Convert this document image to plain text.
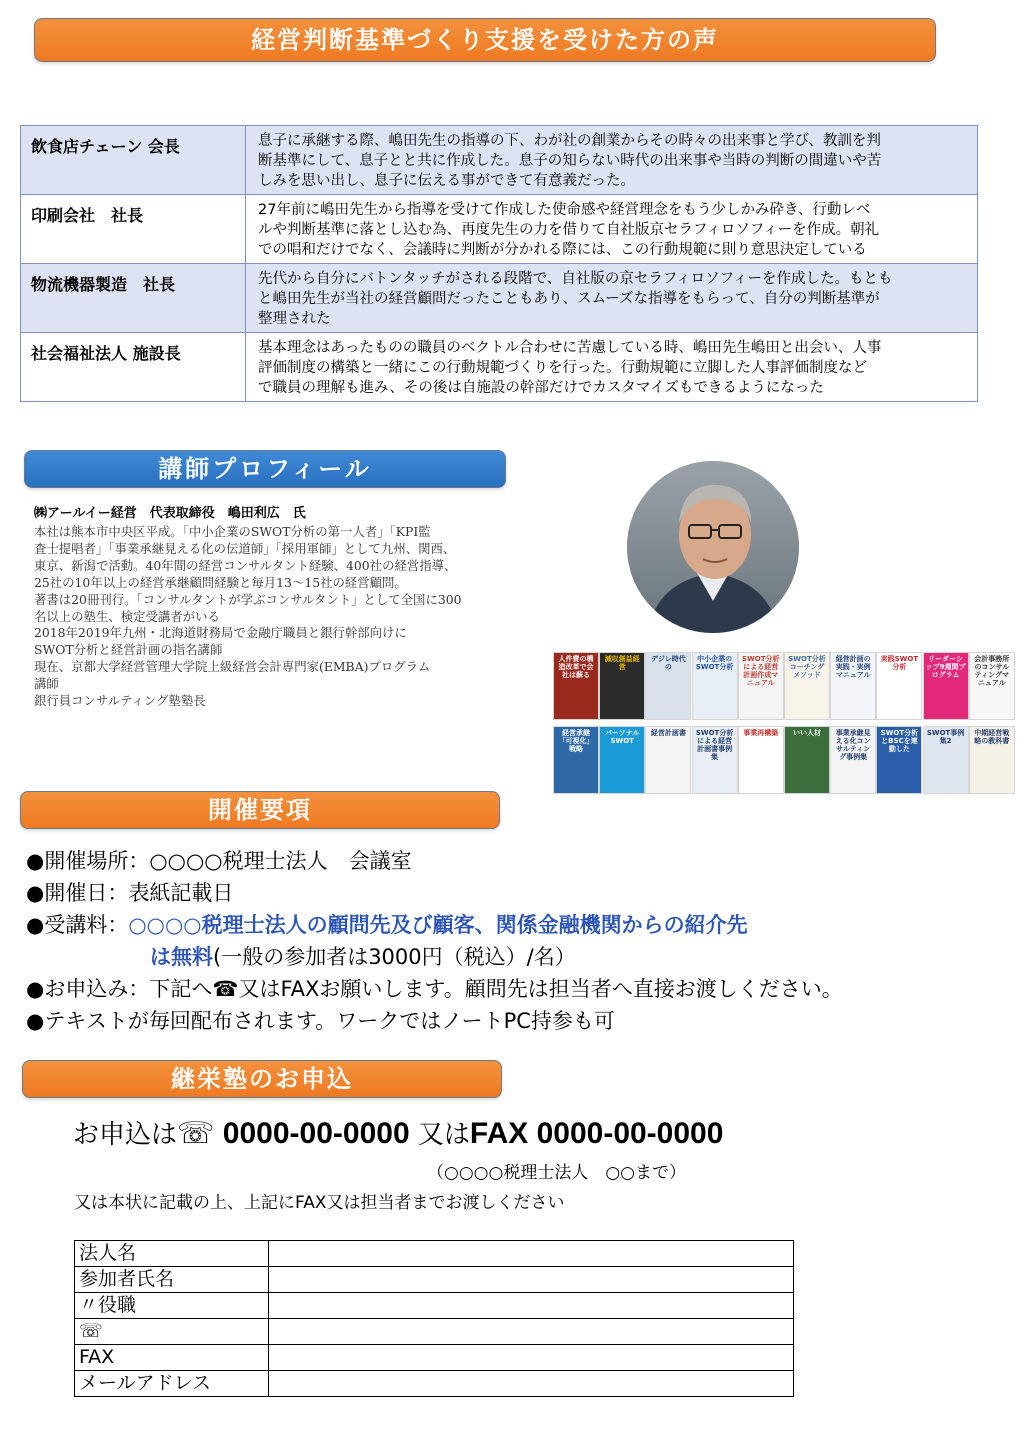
経営判断基準づくり支援を受けた方の声
飲食店チェーン 会長	息子に承継する際、嶋田先生の指導の下、わが社の創業からその時々の出来事と学び、教訓を判
断基準にして、息子とと共に作成した。息子の知らない時代の出来事や当時の判断の間違いや苦
しみを思い出し、息子に伝える事ができて有意義だった。

印刷会社　社長	27年前に嶋田先生から指導を受けて作成した使命感や経営理念をもう少しかみ砕き、行動レベ
ルや判断基準に落とし込む為、再度先生の力を借りて自社版京セラフィロソフィーを作成。朝礼
での唱和だけでなく、会議時に判断が分かれる際には、この行動規範に則り意思決定している

物流機器製造　社長	先代から自分にバトンタッチがされる段階で、自社版の京セラフィロソフィーを作成した。もとも
と嶋田先生が当社の経営顧問だったこともあり、スムーズな指導をもらって、自分の判断基準が
整理された

社会福祉法人 施設長	基本理念はあったものの職員のベクトル合わせに苦慮している時、嶋田先生嶋田と出会い、人事
評価制度の構築と一緒にこの行動規範づくりを行った。行動規範に立脚した人事評価制度など
で職員の理解も進み、その後は自施設の幹部だけでカスタマイズもできるようになった
講師プロフィール
㈱アールイー経営　代表取締役　嶋田利広　氏
本社は熊本市中央区平成。「中小企業のSWOT分析の第一人者」「KPI監
査士提唱者」「事業承継見える化の伝道師」「採用軍師」として九州、関西、
東京、新潟で活動。40年間の経営コンサルタント経験、400社の経営指導、
25社の10年以上の経営承継顧問経験と毎月13～15社の経営顧問。
著書は20冊刊行。「コンサルタントが学ぶコンサルタント」として全国に300
名以上の塾生、検定受講者がいる
2018年2019年九州・北海道財務局で金融庁職員と銀行幹部向けに
SWOT分析と経営計画の指名講師
現在、京都大学経営管理大学院上級経営会計専門家(EMBA)プログラム
講師
銀行員コンサルティング塾塾長
人件費の構造改革で会社は蘇る
減収創益経営
デジレ時代の
中小企業のSWOT分析
SWOT分析による経営計画作成マニュアル
SWOT分析コーチングメソッド
経営計画の実践・実例マニュアル
実践SWOT分析
リーダーシップ9週間プログラム
会計事務所のコンサルティングマニュアル
経営承継「可視化」戦略
パーソナルSWOT
経営計画書	SWOT分析による経営計画書事例集
事業再構築	いい人材	事業承継見える化コンサルティング事例集
SWOT分析とBSCを連動した
SWOT事例集2
中期経営戦略の教科書
開催要項
●開催場所：○○○○税理士法人　会議室
●開催日：表紙記載日
●受講料：○○○○税理士法人の顧問先及び顧客、関係金融機関からの紹介先
は無料(一般の参加者は3000円（税込）/名）
●お申込み：下記へ☎又はFAXお願いします。顧問先は担当者へ直接お渡しください。
●テキストが毎回配布されます。ワークではノートPC持参も可
継栄塾のお申込
お申込は☏ 0000-00-0000 又はFAX 0000-00-0000
（○○○○税理士法人　○○まで）
又は本状に記載の上、上記にFAX又は担当者までお渡しください
法人名	
参加者氏名	
〃役職	
☏	
FAX	
メールアドレス	
